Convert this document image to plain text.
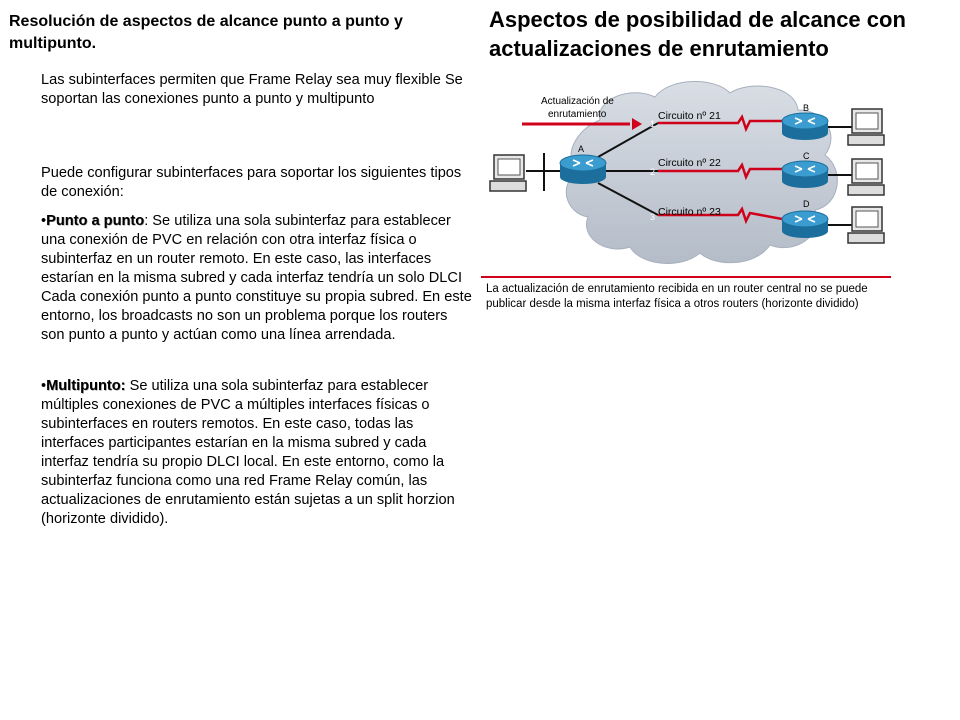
Resolución de aspectos de alcance punto a punto y multipunto.
Aspectos de posibilidad de alcance con actualizaciones de enrutamiento
Las subinterfaces permiten que Frame Relay sea muy flexible Se soportan las conexiones punto a punto y multipunto
Puede configurar subinterfaces para soportar los siguientes tipos de conexión:
•Punto a punto: Se utiliza una sola subinterfaz para establecer una conexión de PVC en relación con otra interfaz física o subinterfaz en un router remoto. En este caso, las interfaces estarían en la misma subred y cada interfaz tendría un solo DLCI Cada conexión punto a punto constituye su propia subred. En este entorno, los broadcasts no son un problema porque los routers son punto a punto y actúan como una línea arrendada.
•Multipunto: Se utiliza una sola subinterfaz para establecer múltiples conexiones de PVC a múltiples interfaces físicas o subinterfaces en routers remotos. En este caso, todas las interfaces participantes estarían en la misma subred y cada interfaz tendría su propio DLCI local. En este entorno, como la subinterfaz funciona como una red Frame Relay común, las actualizaciones de enrutamiento están sujetas a un split horzion (horizonte dividido).
Actualización de
enrutamiento
1
2
3
Circuito nº 21
Circuito nº 22
Circuito nº 23
A
B
C
D
La actualización de enrutamiento recibida en un router central no se puede publicar desde la misma interfaz física a otros routers (horizonte dividido)
